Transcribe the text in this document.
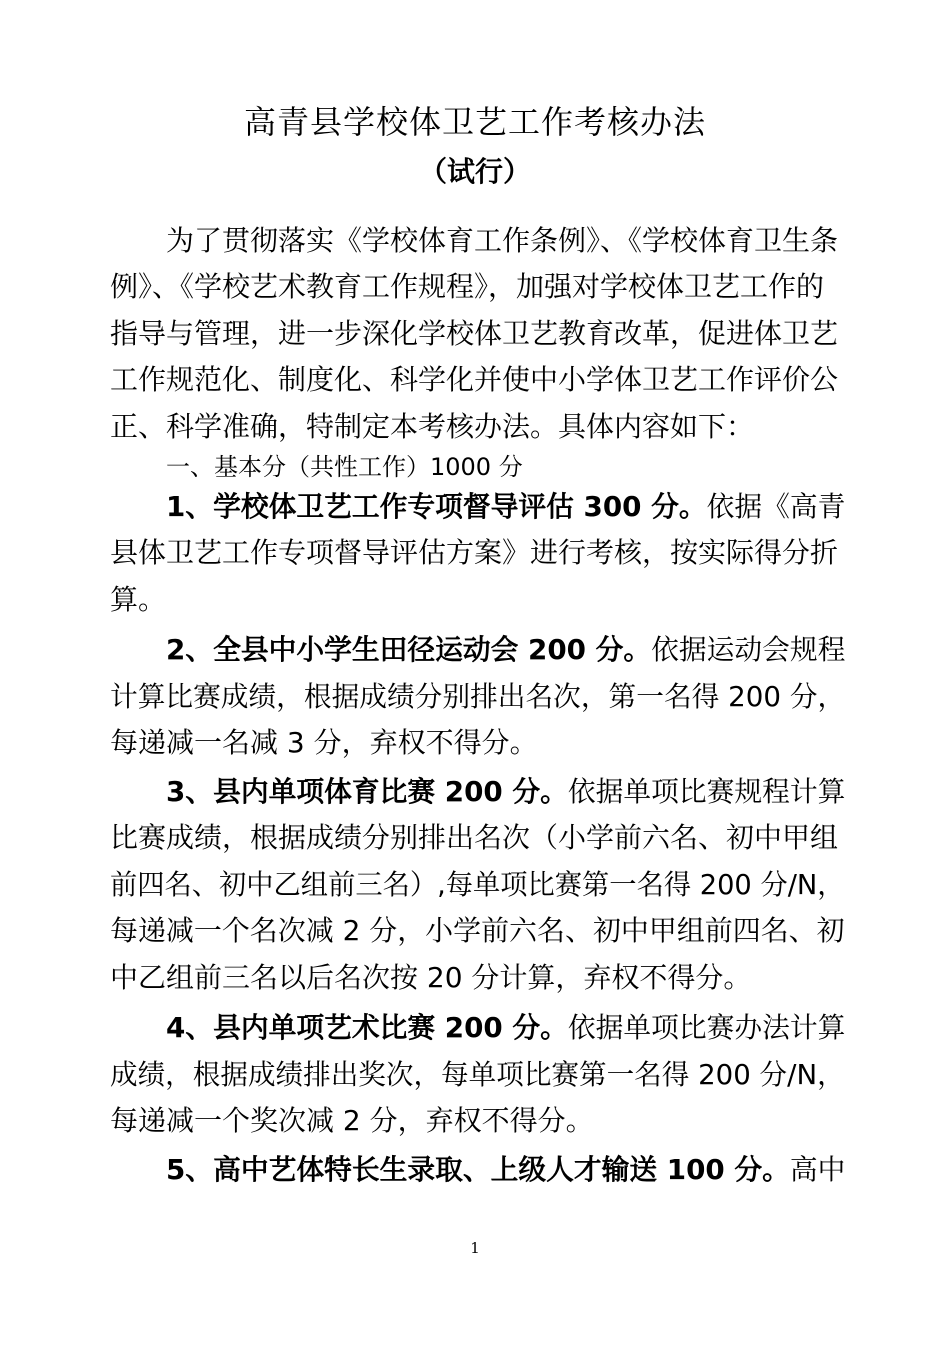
高青县学校体卫艺工作考核办法
（试行）
为了贯彻落实《学校体育工作条例》、《学校体育卫生条
例》、《学校艺术教育工作规程》，加强对学校体卫艺工作的
指导与管理，进一步深化学校体卫艺教育改革，促进体卫艺
工作规范化、制度化、科学化并使中小学体卫艺工作评价公
正、科学准确，特制定本考核办法。具体内容如下：
一、基本分（共性工作）1000 分
1、学校体卫艺工作专项督导评估 300 分。依据《高青
县体卫艺工作专项督导评估方案》进行考核，按实际得分折
算。
2、全县中小学生田径运动会 200 分。依据运动会规程
计算比赛成绩，根据成绩分别排出名次，第一名得 200 分，
每递减一名减 3 分，弃权不得分。
3、县内单项体育比赛 200 分。依据单项比赛规程计算
比赛成绩，根据成绩分别排出名次（小学前六名、初中甲组
前四名、初中乙组前三名）,每单项比赛第一名得 200 分/N，
每递减一个名次减 2 分，小学前六名、初中甲组前四名、初
中乙组前三名以后名次按 20 分计算，弃权不得分。
4、县内单项艺术比赛 200 分。依据单项比赛办法计算
成绩，根据成绩排出奖次，每单项比赛第一名得 200 分/N，
每递减一个奖次减 2 分，弃权不得分。
5、高中艺体特长生录取、上级人才输送 100 分。高中
1
